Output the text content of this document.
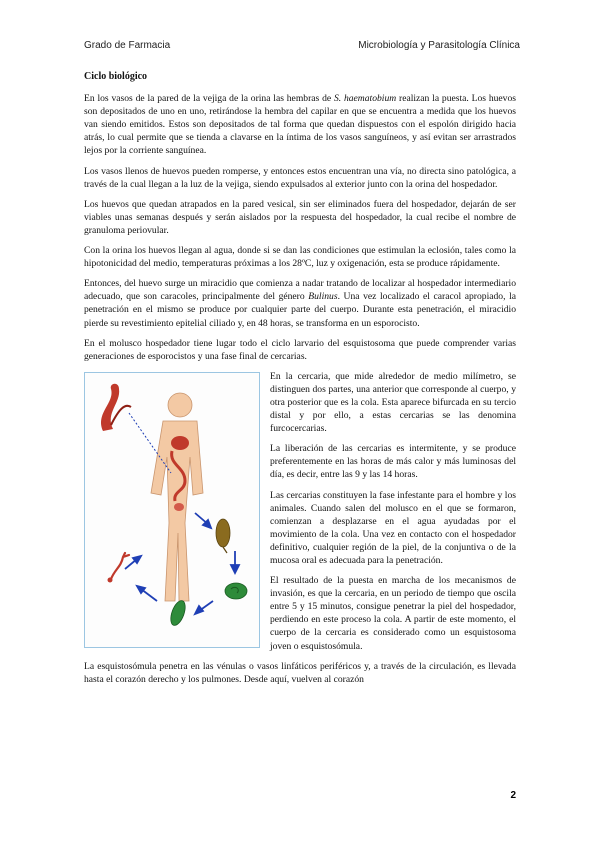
Grado de Farmacia	Microbiología y Parasitología Clínica
Ciclo biológico

En los vasos de la pared de la vejiga de la orina las hembras de S. haematobium realizan la puesta. Los huevos son depositados de uno en uno, retirándose la hembra del capilar en que se encuentra a medida que los huevos van siendo emitidos. Estos son depositados de tal forma que quedan dispuestos con el espolón dirigido hacia atrás, lo cual permite que se tienda a clavarse en la íntima de los vasos sanguíneos, y así evitan ser arrastrados lejos por la corriente sanguínea.

Los vasos llenos de huevos pueden romperse, y entonces estos encuentran una vía, no directa sino patológica, a través de la cual llegan a la luz de la vejiga, siendo expulsados al exterior junto con la orina del hospedador.

Los huevos que quedan atrapados en la pared vesical, sin ser eliminados fuera del hospedador, dejarán de ser viables unas semanas después y serán aislados por la respuesta del hospedador, la cual recibe el nombre de granuloma periovular.

Con la orina los huevos llegan al agua, donde si se dan las condiciones que estimulan la eclosión, tales como la hipotonicidad del medio, temperaturas próximas a los 28ºC, luz y oxigenación, esta se produce rápidamente.

Entonces, del huevo surge un miracidio que comienza a nadar tratando de localizar al hospedador intermediario adecuado, que son caracoles, principalmente del género Bulinus. Una vez localizado el caracol apropiado, la penetración en el mismo se produce por cualquier parte del cuerpo. Durante esta penetración, el miracidio pierde su revestimiento epitelial ciliado y, en 48 horas, se transforma en un esporocisto.

En el molusco hospedador tiene lugar todo el ciclo larvario del esquistosoma que puede comprender varias generaciones de esporocistos y una fase final de cercarias.

En la cercaria, que mide alrededor de medio milímetro, se distinguen dos partes, una anterior que corresponde al cuerpo, y otra posterior que es la cola. Esta aparece bifurcada en su tercio distal y por ello, a estas cercarias se las denomina furcocercarias.

La liberación de las cercarias es intermitente, y se produce preferentemente en las horas de más calor y más luminosas del día, es decir, entre las 9 y las 14 horas.

Las cercarias constituyen la fase infestante para el hombre y los animales. Cuando salen del molusco en el que se formaron, comienzan a desplazarse en el agua ayudadas por el movimiento de la cola. Una vez en contacto con el hospedador definitivo, cualquier región de la piel, de la conjuntiva o de la mucosa oral es adecuada para la penetración.

El resultado de la puesta en marcha de los mecanismos de invasión, es que la cercaria, en un periodo de tiempo que oscila entre 5 y 15 minutos, consigue penetrar la piel del hospedador, perdiendo en este proceso la cola. A partir de este momento, el cuerpo de la cercaria es considerado como un esquistosoma joven o esquistosómula.

La esquistosómula penetra en las vénulas o vasos linfáticos periféricos y, a través de la circulación, es llevada hasta el corazón derecho y los pulmones. Desde aquí, vuelven al corazón

2
